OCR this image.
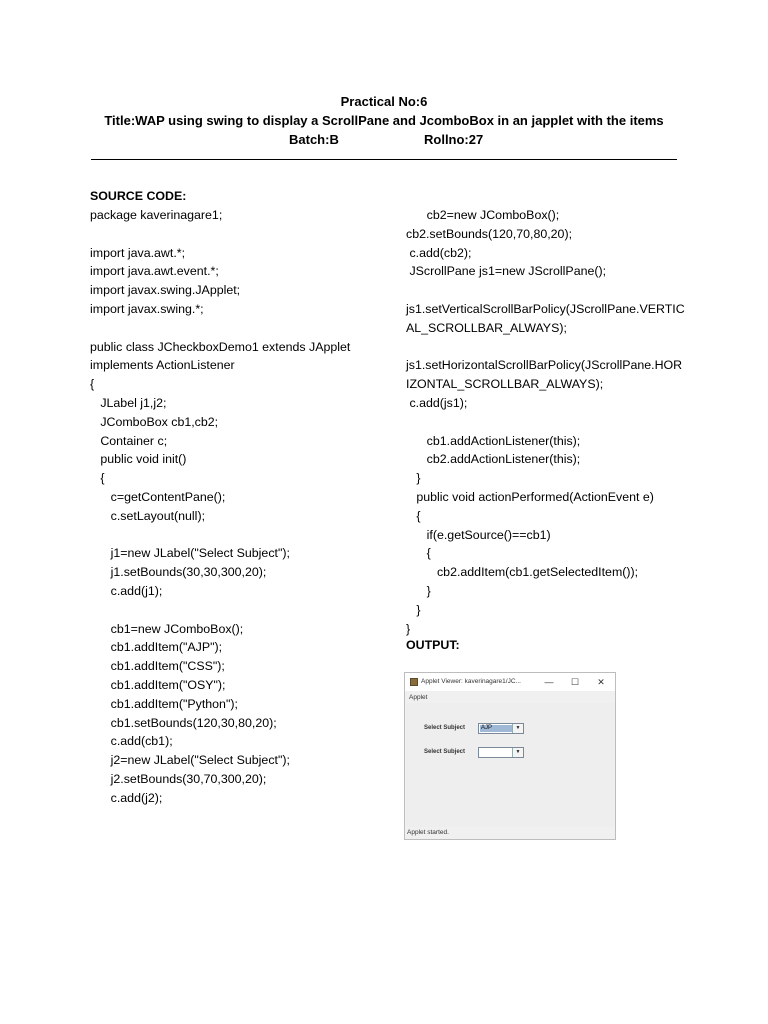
Practical No:6
Title:WAP using swing to display a ScrollPane and JcomboBox in an japplet with the items
Batch:B	Rollno:27
SOURCE CODE:
package kaverinagare1;
import java.awt.*;
import java.awt.event.*;
import javax.swing.JApplet;
import javax.swing.*;
public class JCheckboxDemo1 extends JApplet
implements ActionListener
{
JLabel j1,j2;
JComboBox cb1,cb2;
Container c;
public void init()
{
c=getContentPane();
c.setLayout(null);
j1=new JLabel("Select Subject");
j1.setBounds(30,30,300,20);
c.add(j1);
cb1=new JComboBox();
cb1.addItem("AJP");
cb1.addItem("CSS");
cb1.addItem("OSY");
cb1.addItem("Python");
cb1.setBounds(120,30,80,20);
c.add(cb1);
j2=new JLabel("Select Subject");
j2.setBounds(30,70,300,20);
c.add(j2);
cb2=new JComboBox();
cb2.setBounds(120,70,80,20);
c.add(cb2);
JScrollPane js1=new JScrollPane();
js1.setVerticalScrollBarPolicy(JScrollPane.VERTIC
AL_SCROLLBAR_ALWAYS);
js1.setHorizontalScrollBarPolicy(JScrollPane.HOR
IZONTAL_SCROLLBAR_ALWAYS);
c.add(js1);
cb1.addActionListener(this);
cb2.addActionListener(this);
}
public void actionPerformed(ActionEvent e)
{
if(e.getSource()==cb1)
{
cb2.addItem(cb1.getSelectedItem());
}
}
}
OUTPUT:
Applet Viewer: kaverinagare1/JC...	—	☐	✕
Applet
Select Subject	AJP	▼
Select Subject	▼
Applet started.
